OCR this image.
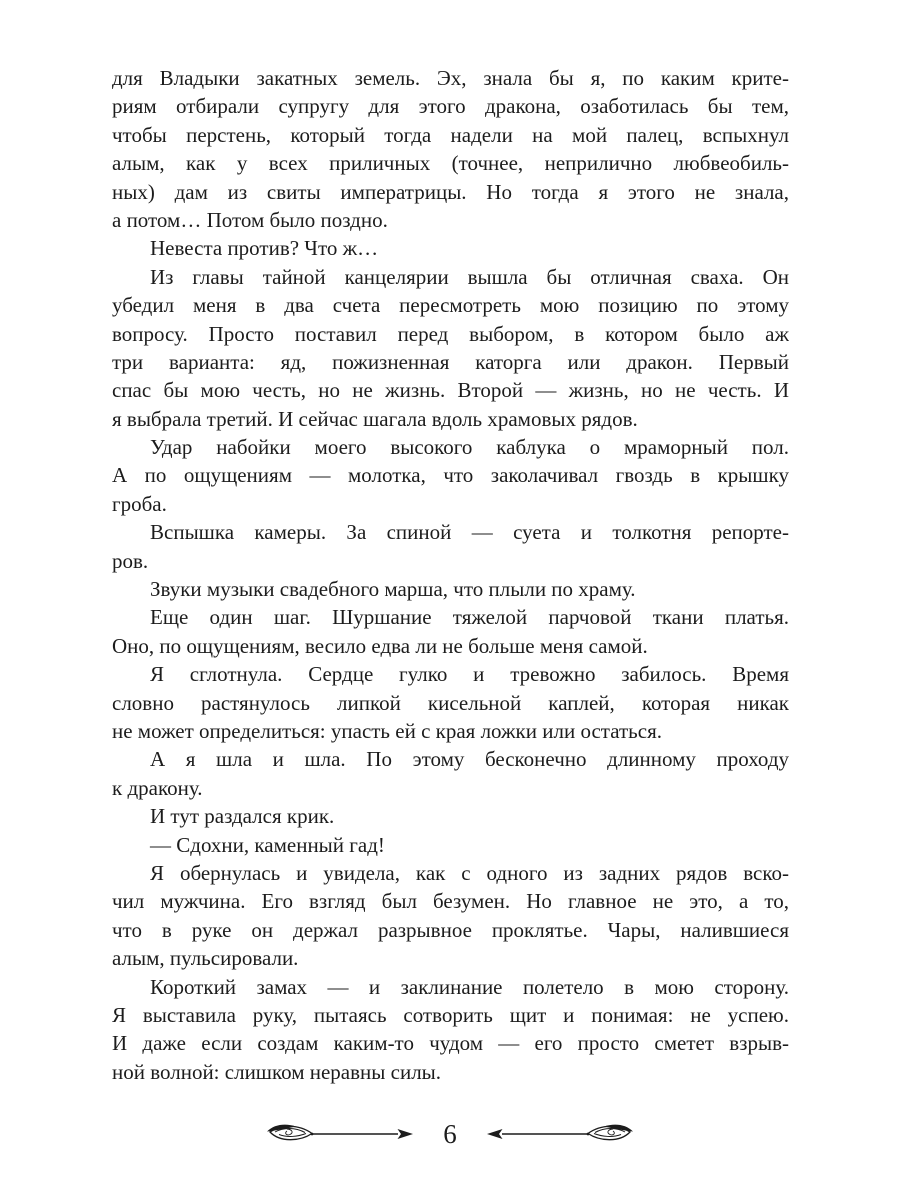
для Владыки закатных земель. Эх, знала бы я, по каким крите-
риям отбирали супругу для этого дракона, озаботилась бы тем,
чтобы перстень, который тогда надели на мой палец, вспыхнул
алым, как у всех приличных (точнее, неприлично любвеобиль-
ных) дам из свиты императрицы. Но тогда я этого не знала,
а потом… Потом было поздно.
Невеста против? Что ж…
Из главы тайной канцелярии вышла бы отличная сваха. Он
убедил меня в два счета пересмотреть мою позицию по этому
вопросу. Просто поставил перед выбором, в котором было аж
три варианта: яд, пожизненная каторга или дракон. Первый
спас бы мою честь, но не жизнь. Второй — жизнь, но не честь. И
я выбрала третий. И сейчас шагала вдоль храмовых рядов.
Удар набойки моего высокого каблука о мраморный пол.
А по ощущениям — молотка, что заколачивал гвоздь в крышку
гроба.
Вспышка камеры. За спиной — суета и толкотня репорте-
ров.
Звуки музыки свадебного марша, что плыли по храму.
Еще один шаг. Шуршание тяжелой парчовой ткани платья.
Оно, по ощущениям, весило едва ли не больше меня самой.
Я сглотнула. Сердце гулко и тревожно забилось. Время
словно растянулось липкой кисельной каплей, которая никак
не может определиться: упасть ей с края ложки или остаться.
А я шла и шла. По этому бесконечно длинному проходу
к дракону.
И тут раздался крик.
— Сдохни, каменный гад!
Я обернулась и увидела, как с одного из задних рядов вско-
чил мужчина. Его взгляд был безумен. Но главное не это, а то,
что в руке он держал разрывное проклятье. Чары, налившиеся
алым, пульсировали.
Короткий замах — и заклинание полетело в мою сторону.
Я выставила руку, пытаясь сотворить щит и понимая: не успею.
И даже если создам каким-то чудом — его просто сметет взрыв-
ной волной: слишком неравны силы.
6
